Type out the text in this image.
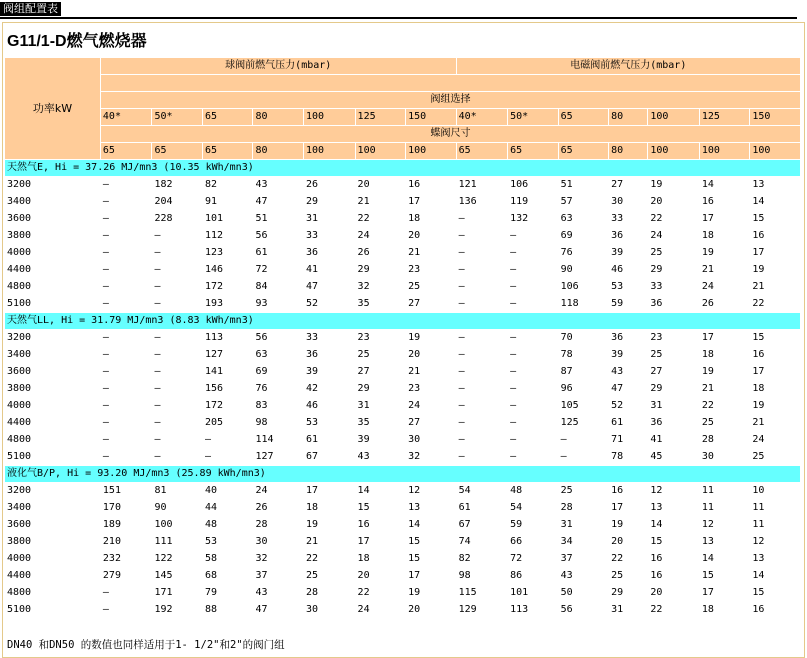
阀组配置表
G11/1-D燃气燃烧器
功率kW	球阀前燃气压力(mbar)							电磁阀前燃气压力(mbar)						

	阀组选择													
	40*	50*	65	80	100	125	150	40*	50*	65	80	100	125	150
	蝶阀尺寸													
	65	65	65	80	100	100	100	65	65	65	80	100	100	100
天然气E, Hi = 37.26 MJ/mn3 (10.35 kWh/mn3)														
3200	—	182	82	43	26	20	16	121	106	51	27	19	14	13
3400	—	204	91	47	29	21	17	136	119	57	30	20	16	14
3600	—	228	101	51	31	22	18	—	132	63	33	22	17	15
3800	—	—	112	56	33	24	20	—	—	69	36	24	18	16
4000	—	—	123	61	36	26	21	—	—	76	39	25	19	17
4400	—	—	146	72	41	29	23	—	—	90	46	29	21	19
4800	—	—	172	84	47	32	25	—	—	106	53	33	24	21
5100	—	—	193	93	52	35	27	—	—	118	59	36	26	22
天然气LL, Hi = 31.79 MJ/mn3 (8.83 kWh/mn3)														
3200	—	—	113	56	33	23	19	—	—	70	36	23	17	15
3400	—	—	127	63	36	25	20	—	—	78	39	25	18	16
3600	—	—	141	69	39	27	21	—	—	87	43	27	19	17
3800	—	—	156	76	42	29	23	—	—	96	47	29	21	18
4000	—	—	172	83	46	31	24	—	—	105	52	31	22	19
4400	—	—	205	98	53	35	27	—	—	125	61	36	25	21
4800	—	—	—	114	61	39	30	—	—	—	71	41	28	24
5100	—	—	—	127	67	43	32	—	—	—	78	45	30	25
液化气B/P, Hi = 93.20 MJ/mn3 (25.89 kWh/mn3)														
3200	151	81	40	24	17	14	12	54	48	25	16	12	11	10
3400	170	90	44	26	18	15	13	61	54	28	17	13	11	11
3600	189	100	48	28	19	16	14	67	59	31	19	14	12	11
3800	210	111	53	30	21	17	15	74	66	34	20	15	13	12
4000	232	122	58	32	22	18	15	82	72	37	22	16	14	13
4400	279	145	68	37	25	20	17	98	86	43	25	16	15	14
4800	—	171	79	43	28	22	19	115	101	50	29	20	17	15
5100	—	192	88	47	30	24	20	129	113	56	31	22	18	16
DN40 和DN50 的数值也同样适用于1- 1/2"和2"的阀门组
